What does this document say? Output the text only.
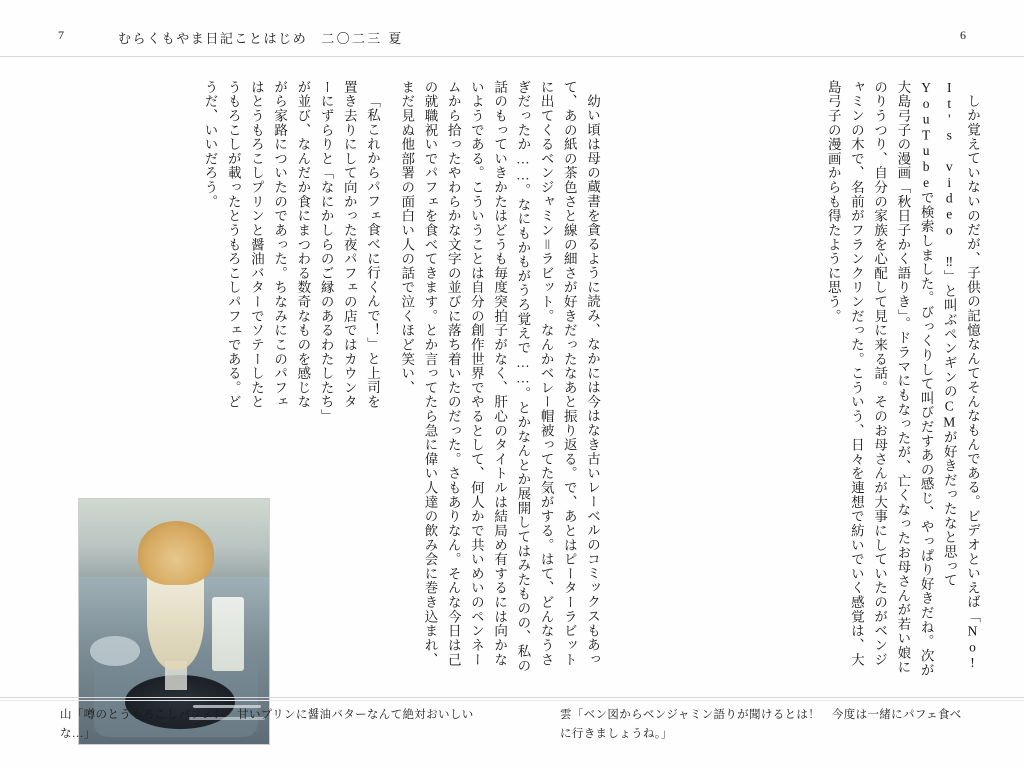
7	むらくもやま日記ことはじめ 二〇二三 夏	6

しか覚えていないのだが、子供の記憶なんてそんなもんである。ビデオといえば「No! It's video ‼」と叫ぶペンギンのCMが好きだったなと思ってYouTubeで検索しました。びっくりして叫びだすあの感じ、やっぱり好きだね。次が大島弓子の漫画「秋日子かく語りき」。ドラマにもなったが、亡くなったお母さんが若い娘にのりうつり、自分の家族を心配して見に来る話。そのお母さんが大事にしていたのがベンジャミンの木で、名前がフランクリンだった。こういう、日々を連想で紡いでいく感覚は、大島弓子の漫画からも得たように思う。

幼い頃は母の蔵書を貪るように読み、なかには今はなき古いレーベルのコミックスもあって、あの紙の茶色さと線の細さが好きだったなあと振り返る。で、あとはピーターラビットに出てくるベンジャミン＝ラビット。なんかベレー帽被ってた気がする。はて、どんなうさぎだったか……。なにもかもがうろ覚えで……。とかなんとか展開してはみたものの、私の話のもっていきかたはどうも毎度突拍子がなく、肝心のタイトルは結局め有するには向かないようである。こういうことは自分の創作世界でやるとして、何人かで共いめいのペンネームから拾ったやわらかな文字の並びに落ち着いたのだった。さもありなん。そんな今日は己の就職祝いでパフェを食べてきます。とか言ってたら急に偉い人達の飲み会に巻き込まれ、まだ見ぬ他部署の面白い人の話で泣くほど笑い、

「私これからパフェ食べに行くんで！」と上司を置き去りにして向かった夜パフェの店ではカウンターにずらりと「なにかしらのご縁のあるわたしたち」が並び、なんだか食にまつわる数奇なものを感じながら家路についたのであった。ちなみにこのパフェはとうもろこしプリンと醤油バターでソテーしたとうもろこしが載ったとうもろこしパフェである。どうだ、いいだろう。

山「噂のとうもろこしパフェ！　甘いプリンに醤油バターなんて絶対おいしいな…」
雲「ベン図からベンジャミン語りが聞けるとは！　今度は一緒にパフェ食べに行きましょうね。」
